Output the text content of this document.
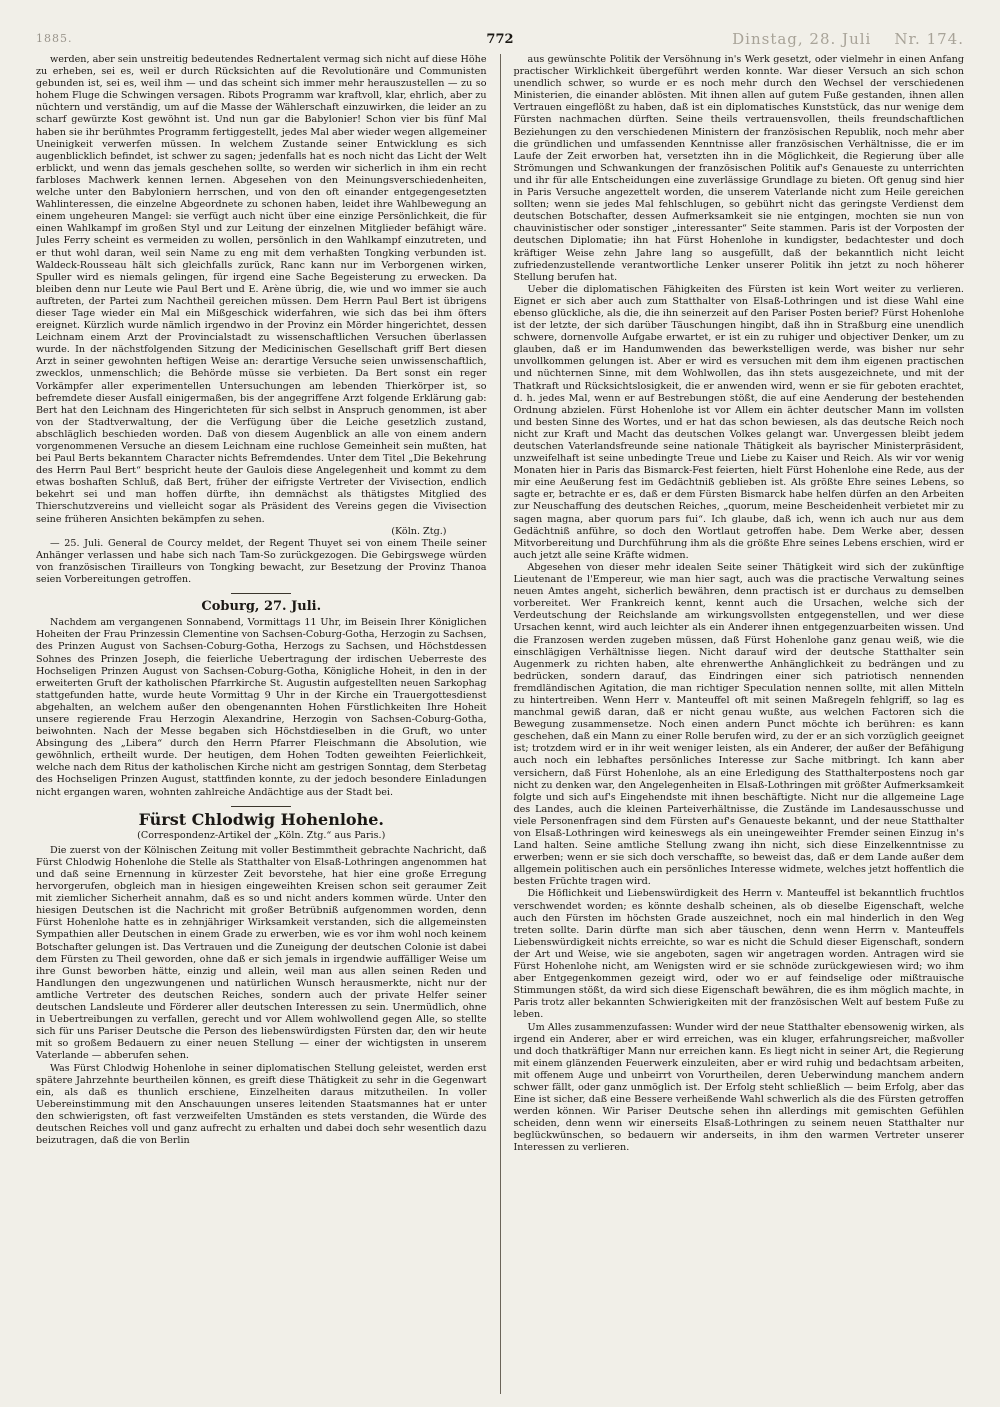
1885.	772	Dinstag, 28. Juli Nr. 174.

werden, aber sein unstreitig bedeutendes Rednertalent vermag sich nicht auf diese Höhe zu erheben, sei es, weil er durch Rücksichten auf die Revolutionäre und Communisten gebunden ist, sei es, weil ihm — und das scheint sich immer mehr herauszustellen — zu so hohem Fluge die Schwingen versagen. Ribots Programm war kraftvoll, klar, ehrlich, aber zu nüchtern und verständig, um auf die Masse der Wählerschaft einzuwirken, die leider an zu scharf gewürzte Kost gewöhnt ist. Und nun gar die Babylonier! Schon vier bis fünf Mal haben sie ihr berühmtes Programm fertiggestellt, jedes Mal aber wieder wegen allgemeiner Uneinigkeit verwerfen müssen. In welchem Zustande seiner Entwicklung es sich augenblicklich befindet, ist schwer zu sagen; jedenfalls hat es noch nicht das Licht der Welt erblickt, und wenn das jemals geschehen sollte, so werden wir sicherlich in ihm ein recht farbloses Machwerk kennen lernen. Abgesehen von den Meinungsverschiedenheiten, welche unter den Babyloniern herrschen, und von den oft einander entgegengesetzten Wahlinteressen, die einzelne Abgeordnete zu schonen haben, leidet ihre Wahlbewegung an einem ungeheuren Mangel: sie verfügt auch nicht über eine einzige Persönlichkeit, die für einen Wahlkampf im großen Styl und zur Leitung der einzelnen Mitglieder befähigt wäre. Jules Ferry scheint es vermeiden zu wollen, persönlich in den Wahlkampf einzutreten, und er thut wohl daran, weil sein Name zu eng mit dem verhaßten Tongking verbunden ist. Waldeck-Rousseau hält sich gleichfalls zurück, Ranc kann nur im Verborgenen wirken, Spuller wird es niemals gelingen, für irgend eine Sache Begeisterung zu erwecken. Da bleiben denn nur Leute wie Paul Bert und E. Arène übrig, die, wie und wo immer sie auch auftreten, der Partei zum Nachtheil gereichen müssen. Dem Herrn Paul Bert ist übrigens dieser Tage wieder ein Mal ein Mißgeschick widerfahren, wie sich das bei ihm öfters ereignet. Kürzlich wurde nämlich irgendwo in der Provinz ein Mörder hingerichtet, dessen Leichnam einem Arzt der Provincialstadt zu wissenschaftlichen Versuchen überlassen wurde. In der nächstfolgenden Sitzung der Medicinischen Gesellschaft griff Bert diesen Arzt in seiner gewohnten heftigen Weise an: derartige Versuche seien unwissenschaftlich, zwecklos, unmenschlich; die Behörde müsse sie verbieten. Da Bert sonst ein reger Vorkämpfer aller experimentellen Untersuchungen am lebenden Thierkörper ist, so befremdete dieser Ausfall einigermaßen, bis der angegriffene Arzt folgende Erklärung gab: Bert hat den Leichnam des Hingerichteten für sich selbst in Anspruch genommen, ist aber von der Stadtverwaltung, der die Verfügung über die Leiche gesetzlich zustand, abschläglich beschieden worden. Daß von diesem Augenblick an alle von einem andern vorgenommenen Versuche an diesem Leichnam eine ruchlose Gemeinheit sein mußten, hat bei Paul Berts bekanntem Character nichts Befremdendes. Unter dem Titel „Die Bekehrung des Herrn Paul Bert“ bespricht heute der Gaulois diese Angelegenheit und kommt zu dem etwas boshaften Schluß, daß Bert, früher der eifrigste Vertreter der Vivisection, endlich bekehrt sei und man hoffen dürfte, ihn demnächst als thätigstes Mitglied des Thierschutzvereins und vielleicht sogar als Präsident des Vereins gegen die Vivisection seine früheren Ansichten bekämpfen zu sehen.

(Köln. Ztg.)

— 25. Juli. General de Courcy meldet, der Regent Thuyet sei von einem Theile seiner Anhänger verlassen und habe sich nach Tam-So zurückgezogen. Die Gebirgswege würden von französischen Tirailleurs von Tongking bewacht, zur Besetzung der Provinz Thanoa seien Vorbereitungen getroffen.

Coburg, 27. Juli.

Nachdem am vergangenen Sonnabend, Vormittags 11 Uhr, im Beisein Ihrer Königlichen Hoheiten der Frau Prinzessin Clementine von Sachsen-Coburg-Gotha, Herzogin zu Sachsen, des Prinzen August von Sachsen-Coburg-Gotha, Herzogs zu Sachsen, und Höchstdessen Sohnes des Prinzen Joseph, die feierliche Uebertragung der irdischen Ueberreste des Hochseligen Prinzen August von Sachsen-Coburg-Gotha, Königliche Hoheit, in den in der erweiterten Gruft der katholischen Pfarrkirche St. Augustin aufgestellten neuen Sarkophag stattgefunden hatte, wurde heute Vormittag 9 Uhr in der Kirche ein Trauergottesdienst abgehalten, an welchem außer den obengenannten Hohen Fürstlichkeiten Ihre Hoheit unsere regierende Frau Herzogin Alexandrine, Herzogin von Sachsen-Coburg-Gotha, beiwohnten. Nach der Messe begaben sich Höchstdieselben in die Gruft, wo unter Absingung des „Libera“ durch den Herrn Pfarrer Fleischmann die Absolution, wie gewöhnlich, ertheilt wurde. Der heutigen, dem Hohen Todten geweihten Feierlichkeit, welche nach dem Ritus der katholischen Kirche nicht am gestrigen Sonntag, dem Sterbetag des Hochseligen Prinzen August, stattfinden konnte, zu der jedoch besondere Einladungen nicht ergangen waren, wohnten zahlreiche Andächtige aus der Stadt bei.

Fürst Chlodwig Hohenlohe.
(Correspondenz-Artikel der „Köln. Ztg.“ aus Paris.)

Die zuerst von der Kölnischen Zeitung mit voller Bestimmtheit gebrachte Nachricht, daß Fürst Chlodwig Hohenlohe die Stelle als Statthalter von Elsaß-Lothringen angenommen hat und daß seine Ernennung in kürzester Zeit bevorstehe, hat hier eine große Erregung hervorgerufen, obgleich man in hiesigen eingeweihten Kreisen schon seit geraumer Zeit mit ziemlicher Sicherheit annahm, daß es so und nicht anders kommen würde. Unter den hiesigen Deutschen ist die Nachricht mit großer Betrübniß aufgenommen worden, denn Fürst Hohenlohe hatte es in zehnjähriger Wirksamkeit verstanden, sich die allgemeinsten Sympathien aller Deutschen in einem Grade zu erwerben, wie es vor ihm wohl noch keinem Botschafter gelungen ist. Das Vertrauen und die Zuneigung der deutschen Colonie ist dabei dem Fürsten zu Theil geworden, ohne daß er sich jemals in irgendwie auffälliger Weise um ihre Gunst beworben hätte, einzig und allein, weil man aus allen seinen Reden und Handlungen den ungezwungenen und natürlichen Wunsch herausmerkte, nicht nur der amtliche Vertreter des deutschen Reiches, sondern auch der private Helfer seiner deutschen Landsleute und Förderer aller deutschen Interessen zu sein. Unermüdlich, ohne in Uebertreibungen zu verfallen, gerecht und vor Allem wohlwollend gegen Alle, so stellte sich für uns Pariser Deutsche die Person des liebenswürdigsten Fürsten dar, den wir heute mit so großem Bedauern zu einer neuen Stellung — einer der wichtigsten in unserem Vaterlande — abberufen sehen.

Was Fürst Chlodwig Hohenlohe in seiner diplomatischen Stellung geleistet, werden erst spätere Jahrzehnte beurtheilen können, es greift diese Thätigkeit zu sehr in die Gegenwart ein, als daß es thunlich erschiene, Einzelheiten daraus mitzutheilen. In voller Uebereinstimmung mit den Anschauungen unseres leitenden Staatsmannes hat er unter den schwierigsten, oft fast verzweifelten Umständen es stets verstanden, die Würde des deutschen Reiches voll und ganz aufrecht zu erhalten und dabei doch sehr wesentlich dazu beizutragen, daß die von Berlin

aus gewünschte Politik der Versöhnung in's Werk gesetzt, oder vielmehr in einen Anfang practischer Wirklichkeit übergeführt werden konnte. War dieser Versuch an sich schon unendlich schwer, so wurde er es noch mehr durch den Wechsel der verschiedenen Ministerien, die einander ablösten. Mit ihnen allen auf gutem Fuße gestanden, ihnen allen Vertrauen eingeflößt zu haben, daß ist ein diplomatisches Kunststück, das nur wenige dem Fürsten nachmachen dürften. Seine theils vertrauensvollen, theils freundschaftlichen Beziehungen zu den verschiedenen Ministern der französischen Republik, noch mehr aber die gründlichen und umfassenden Kenntnisse aller französischen Verhältnisse, die er im Laufe der Zeit erworben hat, versetzten ihn in die Möglichkeit, die Regierung über alle Strömungen und Schwankungen der französischen Politik auf's Genaueste zu unterrichten und ihr für alle Entscheidungen eine zuverlässige Grundlage zu bieten. Oft genug sind hier in Paris Versuche angezettelt worden, die unserem Vaterlande nicht zum Heile gereichen sollten; wenn sie jedes Mal fehlschlugen, so gebührt nicht das geringste Verdienst dem deutschen Botschafter, dessen Aufmerksamkeit sie nie entgingen, mochten sie nun von chauvinistischer oder sonstiger „interessanter“ Seite stammen. Paris ist der Vorposten der deutschen Diplomatie; ihn hat Fürst Hohenlohe in kundigster, bedachtester und doch kräftiger Weise zehn Jahre lang so ausgefüllt, daß der bekanntlich nicht leicht zufriedenzustellende verantwortliche Lenker unserer Politik ihn jetzt zu noch höherer Stellung berufen hat.

Ueber die diplomatischen Fähigkeiten des Fürsten ist kein Wort weiter zu verlieren. Eignet er sich aber auch zum Statthalter von Elsaß-Lothringen und ist diese Wahl eine ebenso glückliche, als die, die ihn seinerzeit auf den Pariser Posten berief? Fürst Hohenlohe ist der letzte, der sich darüber Täuschungen hingibt, daß ihn in Straßburg eine unendlich schwere, dornenvolle Aufgabe erwartet, er ist ein zu ruhiger und objectiver Denker, um zu glauben, daß er im Handumwenden das bewerkstelligen werde, was bisher nur sehr unvollkommen gelungen ist. Aber er wird es versuchen mit dem ihm eigenen practischen und nüchternen Sinne, mit dem Wohlwollen, das ihn stets ausgezeichnete, und mit der Thatkraft und Rücksichtslosigkeit, die er anwenden wird, wenn er sie für geboten erachtet, d. h. jedes Mal, wenn er auf Bestrebungen stößt, die auf eine Aenderung der bestehenden Ordnung abzielen. Fürst Hohenlohe ist vor Allem ein ächter deutscher Mann im vollsten und besten Sinne des Wortes, und er hat das schon bewiesen, als das deutsche Reich noch nicht zur Kraft und Macht das deutschen Volkes gelangt war. Unvergessen bleibt jedem deutschen Vaterlandsfreunde seine nationale Thätigkeit als bayrischer Ministerpräsident, unzweifelhaft ist seine unbedingte Treue und Liebe zu Kaiser und Reich. Als wir vor wenig Monaten hier in Paris das Bismarck-Fest feierten, hielt Fürst Hohenlohe eine Rede, aus der mir eine Aeußerung fest im Gedächtniß geblieben ist. Als größte Ehre seines Lebens, so sagte er, betrachte er es, daß er dem Fürsten Bismarck habe helfen dürfen an den Arbeiten zur Neuschaffung des deutschen Reiches, „quorum, meine Bescheidenheit verbietet mir zu sagen magna, aber quorum pars fui“. Ich glaube, daß ich, wenn ich auch nur aus dem Gedächtniß anführe, so doch den Wortlaut getroffen habe. Dem Werke aber, dessen Mitvorbereitung und Durchführung ihm als die größte Ehre seines Lebens erschien, wird er auch jetzt alle seine Kräfte widmen.

Abgesehen von dieser mehr idealen Seite seiner Thätigkeit wird sich der zukünftige Lieutenant de l'Empereur, wie man hier sagt, auch was die practische Verwaltung seines neuen Amtes angeht, sicherlich bewähren, denn practisch ist er durchaus zu demselben vorbereitet. Wer Frankreich kennt, kennt auch die Ursachen, welche sich der Verdeutschung der Reichslande am wirkungsvollsten entgegenstellen, und wer diese Ursachen kennt, wird auch leichter als ein Anderer ihnen entgegenzuarbeiten wissen. Und die Franzosen werden zugeben müssen, daß Fürst Hohenlohe ganz genau weiß, wie die einschlägigen Verhältnisse liegen. Nicht darauf wird der deutsche Statthalter sein Augenmerk zu richten haben, alte ehrenwerthe Anhänglichkeit zu bedrängen und zu bedrücken, sondern darauf, das Eindringen einer sich patriotisch nennenden fremdländischen Agitation, die man richtiger Speculation nennen sollte, mit allen Mitteln zu hintertreiben. Wenn Herr v. Manteuffel oft mit seinen Maßregeln fehlgriff, so lag es manchmal gewiß daran, daß er nicht genau wußte, aus welchen Factoren sich die Bewegung zusammensetze. Noch einen andern Punct möchte ich berühren: es kann geschehen, daß ein Mann zu einer Rolle berufen wird, zu der er an sich vorzüglich geeignet ist; trotzdem wird er in ihr weit weniger leisten, als ein Anderer, der außer der Befähigung auch noch ein lebhaftes persönliches Interesse zur Sache mitbringt. Ich kann aber versichern, daß Fürst Hohenlohe, als an eine Erledigung des Statthalterpostens noch gar nicht zu denken war, den Angelegenheiten in Elsaß-Lothringen mit größter Aufmerksamkeit folgte und sich auf's Eingehendste mit ihnen beschäftigte. Nicht nur die allgemeine Lage des Landes, auch die kleinen Parteiverhältnisse, die Zustände im Landesausschusse und viele Personenfragen sind dem Fürsten auf's Genaueste bekannt, und der neue Statthalter von Elsaß-Lothringen wird keineswegs als ein uneingeweihter Fremder seinen Einzug in's Land halten. Seine amtliche Stellung zwang ihn nicht, sich diese Einzelkenntnisse zu erwerben; wenn er sie sich doch verschaffte, so beweist das, daß er dem Lande außer dem allgemein politischen auch ein persönliches Interesse widmete, welches jetzt hoffentlich die besten Früchte tragen wird.

Die Höflichkeit und Liebenswürdigkeit des Herrn v. Manteuffel ist bekanntlich fruchtlos verschwendet worden; es könnte deshalb scheinen, als ob dieselbe Eigenschaft, welche auch den Fürsten im höchsten Grade auszeichnet, noch ein mal hinderlich in den Weg treten sollte. Darin dürfte man sich aber täuschen, denn wenn Herrn v. Manteuffels Liebenswürdigkeit nichts erreichte, so war es nicht die Schuld dieser Eigenschaft, sondern der Art und Weise, wie sie angeboten, sagen wir angetragen worden. Antragen wird sie Fürst Hohenlohe nicht, am Wenigsten wird er sie schnöde zurückgewiesen wird; wo ihm aber Entgegenkommen gezeigt wird, oder wo er auf feindselige oder mißtrauische Stimmungen stößt, da wird sich diese Eigenschaft bewähren, die es ihm möglich machte, in Paris trotz aller bekannten Schwierigkeiten mit der französischen Welt auf bestem Fuße zu leben.

Um Alles zusammenzufassen: Wunder wird der neue Statthalter ebensowenig wirken, als irgend ein Anderer, aber er wird erreichen, was ein kluger, erfahrungsreicher, maßvoller und doch thatkräftiger Mann nur erreichen kann. Es liegt nicht in seiner Art, die Regierung mit einem glänzenden Feuerwerk einzuleiten, aber er wird ruhig und bedachtsam arbeiten, mit offenem Auge und unbeirrt von Vorurtheilen, deren Ueberwindung manchem andern schwer fällt, oder ganz unmöglich ist. Der Erfolg steht schließlich — beim Erfolg, aber das Eine ist sicher, daß eine Bessere verheißende Wahl schwerlich als die des Fürsten getroffen werden können. Wir Pariser Deutsche sehen ihn allerdings mit gemischten Gefühlen scheiden, denn wenn wir einerseits Elsaß-Lothringen zu seinem neuen Statthalter nur beglückwünschen, so bedauern wir anderseits, in ihm den warmen Vertreter unserer Interessen zu verlieren.
